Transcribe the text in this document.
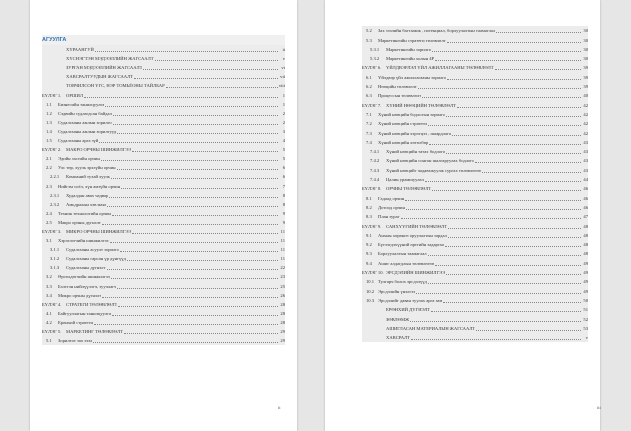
АГУУЛГА
ХҮРААНГУЙ	ii
ХҮСНЭГТЭН МЭДЭЭЛЛИЙН ЖАГСААЛТ	v
ЗУРГАН МЭДЭЭЛЛИЙН ЖАГСААЛТ	vi
ХАВСРАЛТУУДЫН ЖАГСААЛТ	vii
ТОВЧИЛСОН ҮГС, НЭР ТОМЬЁОНЫ ТАЙЛБАР	viii
БҮЛЭГ 1.	ОРШИЛ	1
1.1	Бизнесийн танилцуулга	1
1.2	Сэдвийн судлагдсан байдал	2
1.3	Судалгааны ажлын зорилго	2
1.4	Судалгааны ажлын зорилтууд	3
1.5	Судалгааны арга зүй	4
БҮЛЭГ 2.	МАКРО ОРЧНЫ ШИНЖИЛГЭЭ	5
2.1	Эдийн засгийн орчин	5
2.2	Улс төр, хууль эрхзүйн орчин	6
2.2.1	Компаний тухай хууль	6
2.3	Нийгэм соёл, хүн амзүйн орчин	7
2.3.1	Худалдан авах чадвар	8
2.3.2	Амьдралын хэв маяг	8
2.4	Техник технологийн орчин	9
2.5	Макро орчны дүгнэлт	9
БҮЛЭГ 3.	МИКРО ОРЧНЫ ШИНЖИЛГЭЭ	11
3.1	Хэрэглэгчийн шинжилгээ	11
3.1.1	Судалгааны асуулт зорилго	11
3.1.2	Судалгааны гарсан үр дүнгүүд	11
3.1.3	Судалгааны дүгнэлт	22
3.2	Өрсөлдөгчийн шинжилгээ	23
3.3	Бэлтгэн нийлүүлэгч, зуучлагч	25
3.4	Микро орчны дүгнэлт	26
БҮЛЭГ 4.	СТРАТЕГИ ТӨЛӨВЛӨЛТ	28
4.1	Байгууллагын танилцуулга	28
4.2	Ерөнхий стратеги	28
БҮЛЭГ 5.	МАРКЕТИНГ ТӨЛӨВЛӨЛТ	29
5.1	Зорилтот зах зээл	29
ii
5.2	Зах зээлийн багтаамж , потенциал, борлуулалтын таамаглал	30
5.3	Маркетингийн стратеги төлөвлөлт	30
5.3.1	Маркетингийн зорилго	30
5.3.2	Маркетингийн холын 4P	30
БҮЛЭГ 6.	ҮЙЛДВЭРЛЭЛ ҮЙЛ АЖИЛЛАГААНЫ ТӨЛӨВЛӨЛТ	39
6.1	Үйлдвэр үйл ажиллагааны зорилго	39
6.2	Нөөцийн төлөвлөлт	39
6.3	Процессын төлөвлөлт	40
БҮЛЭГ 7.	ХҮНИЙ НӨӨЦИЙН ТӨЛӨВЛӨЛТ	42
7.1	Хүний нөөцийн бодлогын зорилго	42
7.2	Хүний нөөцийн стратеги	42
7.3	Хүний нөөцийн хэрэгцээ , шаардлага	42
7.4	Хүний нөөцийн хөтөлбөр	43
7.4.1	Хүний нөөцийн татах бодлого	43
7.4.2	Хүний нөөцийн сонгон шалгаруулах бодлого	43
7.4.3	Хүний нөөцийг чадавхжуулж сургах төлөвлөгөө	43
7.4.4	Цалин урамшуулал	44
БҮЛЭГ 8.	ОРЧНЫ ТӨЛӨВЛӨЛТ	46
8.1	Гадаад орчин	46
8.2	Дотоод орчин	46
8.3	План зураг	47
БҮЛЭГ 9.	САНХҮҮГИЙН ТӨЛӨВЛӨЛТ	48
9.1	Анхны хөрөнгө оруулалтын зардал	48
9.2	Бүтээгдэхүүний өртгийн задаргаа	48
9.3	Борлуулалтын таамаглал	48
9.4	Ашиг алдагдлын төлөвлөгөө	49
БҮЛЭГ 10. ЭРСДЭЛИЙН ШИНЖИЛГЭЭ	49
10.1 Тулгарч болох эрсдэлүүд	49
10.2 Эрсдэлийн үнэлгээ	49
10.3 Эрсдэлийг даван туулах арга зам	50
ЕРӨНХИЙ ДҮГНЭЛТ	51
ЗӨВЛӨМЖ	52
АШИГЛАСАН МАТЕРИАЛЫН ЖАГСААЛТ	53
ХАВСРАЛТ	v
iii
